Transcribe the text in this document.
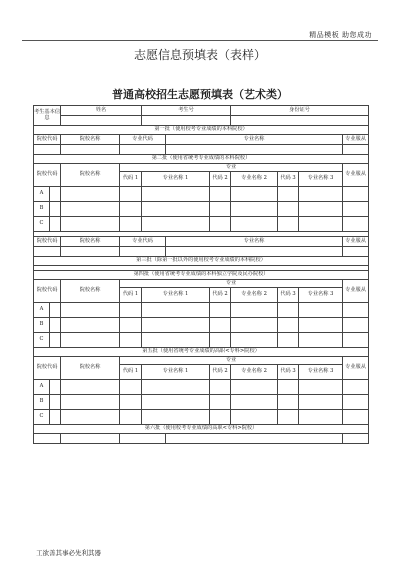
精品模板 助您成功
志愿信息预填表（表样）
普通高校招生志愿预填表（艺术类）
考生基本信息		姓名		考生号			身份证号			

第一批（使用校考专业成绩的本科院校）										
院校代码		院校名称	专业代码		专业名称					专业服从

第二批（使用省统考专业成绩的本科院校）										
院校代码		院校名称	专业							专业服从
			代码 1	专业名称 1		代码 2	专业名称 2	代码 3	专业名称 3	
A										
B										
C										

院校代码		院校名称	专业代码		专业名称					专业服从

第三批（除第一批以外的使用校考专业成绩的本科院校）										

第四批（使用省统考专业成绩的本科独立学院及民办院校）										
院校代码		院校名称	专业							专业服从
			代码 1	专业名称 1		代码 2	专业名称 2	代码 3	专业名称 3	
A										
B										
C										
第五批（使用省统考专业成绩的高职<专科>院校）										
院校代码		院校名称	专业							专业服从
			代码 1	专业名称 1		代码 2	专业名称 2	代码 3	专业名称 3	
A										
B										
C										
第六批（使用校考专业成绩的高职<专科>院校）										

工欲善其事必先利其器
